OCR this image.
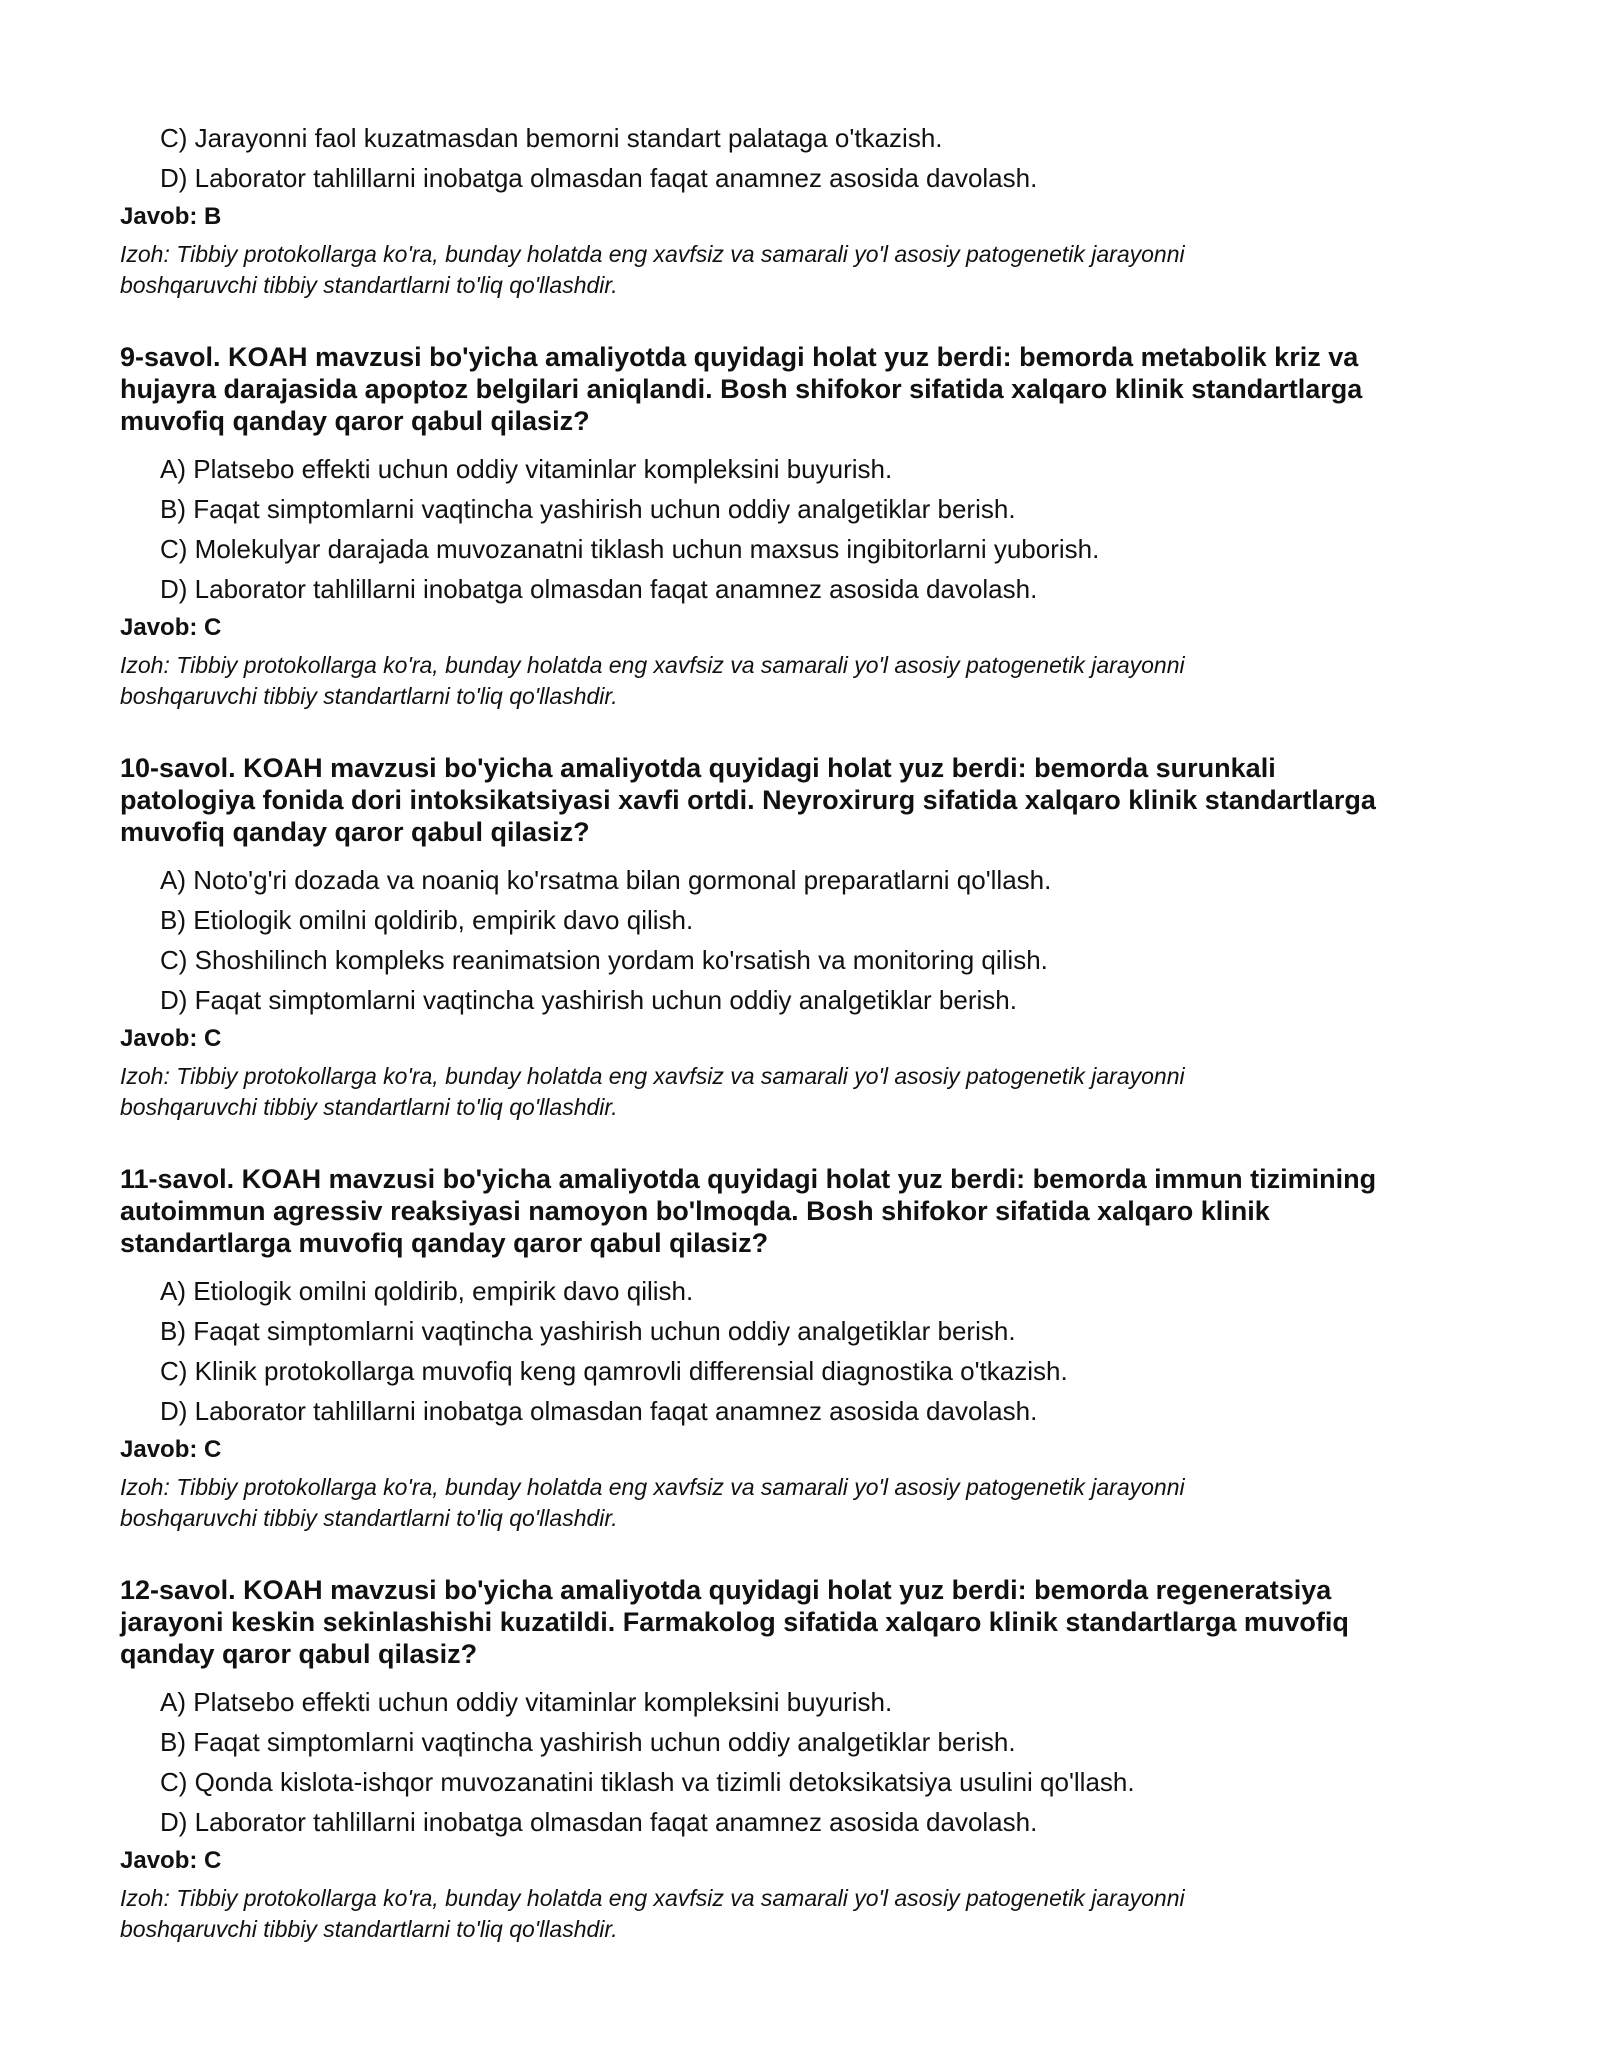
C) Jarayonni faol kuzatmasdan bemorni standart palataga o'tkazish.
D) Laborator tahlillarni inobatga olmasdan faqat anamnez asosida davolash.
Javob: B
Izoh: Tibbiy protokollarga ko'ra, bunday holatda eng xavfsiz va samarali yo'l asosiy patogenetik jarayonni
boshqaruvchi tibbiy standartlarni to'liq qo'llashdir.
9-savol. KOAH mavzusi bo'yicha amaliyotda quyidagi holat yuz berdi: bemorda metabolik kriz va
hujayra darajasida apoptoz belgilari aniqlandi. Bosh shifokor sifatida xalqaro klinik standartlarga
muvofiq qanday qaror qabul qilasiz?
A) Platsebo effekti uchun oddiy vitaminlar kompleksini buyurish.
B) Faqat simptomlarni vaqtincha yashirish uchun oddiy analgetiklar berish.
C) Molekulyar darajada muvozanatni tiklash uchun maxsus ingibitorlarni yuborish.
D) Laborator tahlillarni inobatga olmasdan faqat anamnez asosida davolash.
Javob: C
Izoh: Tibbiy protokollarga ko'ra, bunday holatda eng xavfsiz va samarali yo'l asosiy patogenetik jarayonni
boshqaruvchi tibbiy standartlarni to'liq qo'llashdir.
10-savol. KOAH mavzusi bo'yicha amaliyotda quyidagi holat yuz berdi: bemorda surunkali
patologiya fonida dori intoksikatsiyasi xavfi ortdi. Neyroxirurg sifatida xalqaro klinik standartlarga
muvofiq qanday qaror qabul qilasiz?
A) Noto'g'ri dozada va noaniq ko'rsatma bilan gormonal preparatlarni qo'llash.
B) Etiologik omilni qoldirib, empirik davo qilish.
C) Shoshilinch kompleks reanimatsion yordam ko'rsatish va monitoring qilish.
D) Faqat simptomlarni vaqtincha yashirish uchun oddiy analgetiklar berish.
Javob: C
Izoh: Tibbiy protokollarga ko'ra, bunday holatda eng xavfsiz va samarali yo'l asosiy patogenetik jarayonni
boshqaruvchi tibbiy standartlarni to'liq qo'llashdir.
11-savol. KOAH mavzusi bo'yicha amaliyotda quyidagi holat yuz berdi: bemorda immun tizimining
autoimmun agressiv reaksiyasi namoyon bo'lmoqda. Bosh shifokor sifatida xalqaro klinik
standartlarga muvofiq qanday qaror qabul qilasiz?
A) Etiologik omilni qoldirib, empirik davo qilish.
B) Faqat simptomlarni vaqtincha yashirish uchun oddiy analgetiklar berish.
C) Klinik protokollarga muvofiq keng qamrovli differensial diagnostika o'tkazish.
D) Laborator tahlillarni inobatga olmasdan faqat anamnez asosida davolash.
Javob: C
Izoh: Tibbiy protokollarga ko'ra, bunday holatda eng xavfsiz va samarali yo'l asosiy patogenetik jarayonni
boshqaruvchi tibbiy standartlarni to'liq qo'llashdir.
12-savol. KOAH mavzusi bo'yicha amaliyotda quyidagi holat yuz berdi: bemorda regeneratsiya
jarayoni keskin sekinlashishi kuzatildi. Farmakolog sifatida xalqaro klinik standartlarga muvofiq
qanday qaror qabul qilasiz?
A) Platsebo effekti uchun oddiy vitaminlar kompleksini buyurish.
B) Faqat simptomlarni vaqtincha yashirish uchun oddiy analgetiklar berish.
C) Qonda kislota-ishqor muvozanatini tiklash va tizimli detoksikatsiya usulini qo'llash.
D) Laborator tahlillarni inobatga olmasdan faqat anamnez asosida davolash.
Javob: C
Izoh: Tibbiy protokollarga ko'ra, bunday holatda eng xavfsiz va samarali yo'l asosiy patogenetik jarayonni
boshqaruvchi tibbiy standartlarni to'liq qo'llashdir.
